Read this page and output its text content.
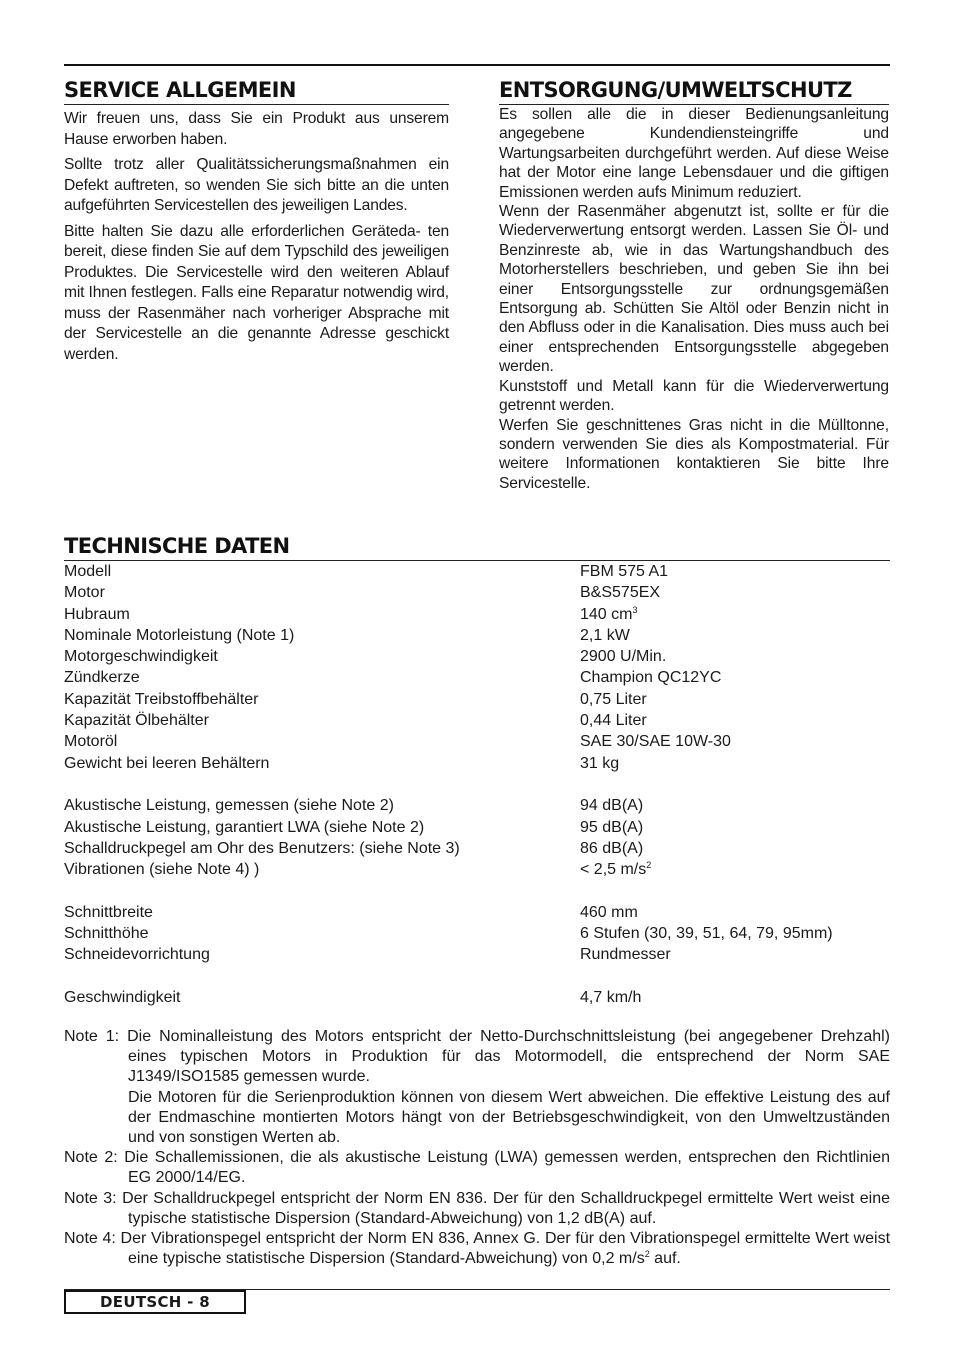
SERVICE ALLGEMEIN

Wir freuen uns, dass Sie ein Produkt aus unserem Hause erworben haben.

Sollte trotz aller Qualitätssicherungsmaßnahmen ein Defekt auftreten, so wenden Sie sich bitte an die unten aufgeführten Servicestellen des jeweiligen Landes.

Bitte halten Sie dazu alle erforderlichen Geräteda- ten bereit, diese finden Sie auf dem Typschild des jeweiligen Produktes. Die Servicestelle wird den weiteren Ablauf mit Ihnen festlegen. Falls eine Reparatur notwendig wird, muss der Rasenmäher nach vorheriger Absprache mit der Servicestelle an die genannte Adresse geschickt werden.

ENTSORGUNG/UMWELTSCHUTZ

Es sollen alle die in dieser Bedienungsanleitung angegebene Kundendiensteingriffe und Wartungsarbeiten durchgeführt werden. Auf diese Weise hat der Motor eine lange Lebensdauer und die giftigen Emissionen werden aufs Minimum reduziert.

Wenn der Rasenmäher abgenutzt ist, sollte er für die Wiederverwertung entsorgt werden. Lassen Sie Öl- und Benzinreste ab, wie in das Wartungshandbuch des Motorherstellers beschrieben, und geben Sie ihn bei einer Entsorgungsstelle zur ordnungsgemäßen Entsorgung ab. Schütten Sie Altöl oder Benzin nicht in den Abfluss oder in die Kanalisation. Dies muss auch bei einer entsprechenden Entsorgungsstelle abgegeben werden.

Kunststoff und Metall kann für die Wiederverwertung getrennt werden.

Werfen Sie geschnittenes Gras nicht in die Mülltonne, sondern verwenden Sie dies als Kompostmaterial. Für weitere Informationen kontaktieren Sie bitte Ihre Servicestelle.

TECHNISCHE DATEN
Modell	FBM 575 A1
Motor	B&S575EX
Hubraum	140 $cm^3$
Nominale Motorleistung (Note 1)	2,1 kW
Motorgeschwindigkeit	2900 U/Min.
Zündkerze	Champion QC12YC
Kapazität Treibstoffbehälter	0,75 Liter
Kapazität Ölbehälter	0,44 Liter
Motoröl	SAE 30/SAE 10W-30
Gewicht bei leeren Behältern	31 kg
Akustische Leistung, gemessen (siehe Note 2)	94 dB(A)
Akustische Leistung, garantiert LWA (siehe Note 2)	95 dB(A)
Schalldruckpegel am Ohr des Benutzers: (siehe Note 3)	86 dB(A)
Vibrationen (siehe Note 4) )	< 2,5 $m/s^2$
Schnittbreite	460 mm
Schnitthöhe	6 Stufen (30, 39, 51, 64, 79, 95mm)
Schneidevorrichtung	Rundmesser
Geschwindigkeit	4,7 km/h
Note 1: Die Nominalleistung des Motors entspricht der Netto-Durchschnittsleistung (bei angegebener Drehzahl) eines typischen Motors in Produktion für das Motormodell, die entsprechend der Norm SAE J1349/ISO1585 gemessen wurde.
Die Motoren für die Serienproduktion können von diesem Wert abweichen. Die effektive Leistung des auf der Endmaschine montierten Motors hängt von der Betriebsgeschwindigkeit, von den Umweltzuständen und von sonstigen Werten ab.
Note 2: Die Schallemissionen, die als akustische Leistung (LWA) gemessen werden, entsprechen den Richtlinien EG 2000/14/EG.
Note 3: Der Schalldruckpegel entspricht der Norm EN 836. Der für den Schalldruckpegel ermittelte Wert weist eine typische statistische Dispersion (Standard-Abweichung) von 1,2 dB(A) auf.
Note 4: Der Vibrationspegel entspricht der Norm EN 836, Annex G. Der für den Vibrationspegel ermittelte Wert weist eine typische statistische Dispersion (Standard-Abweichung) von 0,2 $m/s^2$ auf.
DEUTSCH - 8
